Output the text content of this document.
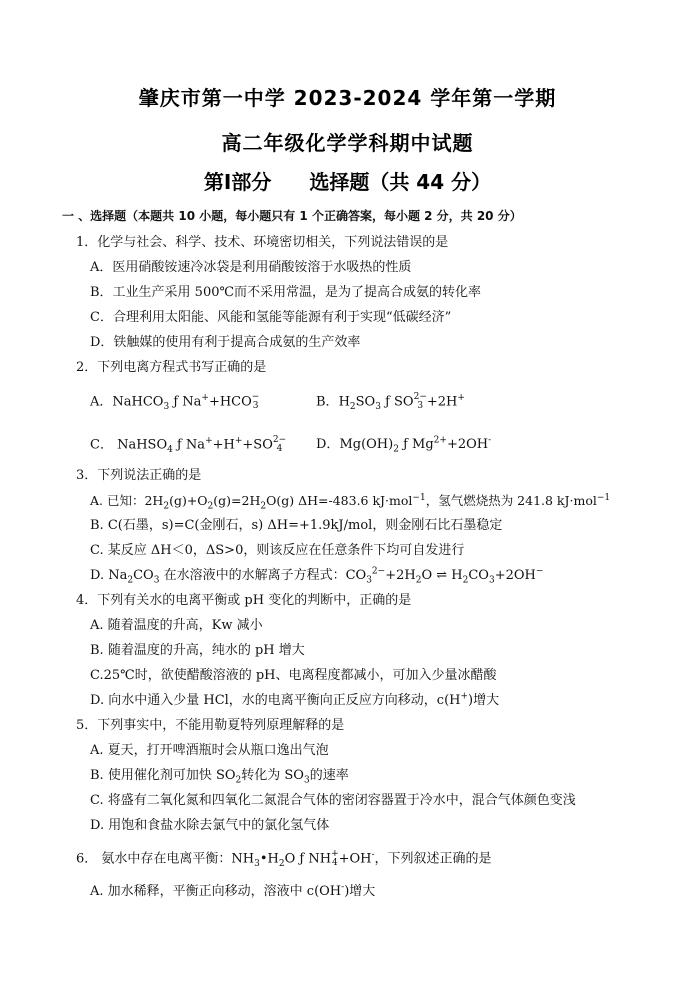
肇庆市第一中学 2023-2024 学年第一学期
高二年级化学学科期中试题
第Ⅰ部分 选择题（共 44 分）
一 、选择题（本题共 10 小题，每小题只有 1 个正确答案，每小题 2 分，共 20 分）
1．化学与社会、科学、技术、环境密切相关，下列说法错误的是
A．医用硝酸铵速冷冰袋是利用硝酸铵溶于水吸热的性质
B．工业生产采用 500℃而不采用常温，是为了提高合成氨的转化率
C．合理利用太阳能、风能和氢能等能源有利于实现“低碳经济”
D．铁触媒的使用有利于提高合成氨的生产效率
2．下列电离方程式书写正确的是
A．NaHCO$_3$ ƒ Na++HCO−
3	B．$H_2SO_3$ ƒ SO2−
3 +2H+
C． NaHSO$_4$ ƒ Na++H++SO2−
4	D．$Mg(OH)_2$ ƒ $Mg^{2+}+2OH^-$
3．下列说法正确的是
A. 已知：$2H_2(g)+O_2(g)=2H_2O(g)$ ΔH=-483.6 kJ·mol$^{-1}$，氢气燃烧热为 241.8 kJ·mol$^{-1}$
B. C(石墨，s)=C(金刚石，s) ΔH=+1.9kJ/mol，则金刚石比石墨稳定
C. 某反应 ΔH＜0，ΔS>0，则该反应在任意条件下均可自发进行
D. $Na_2CO_3$ 在水溶液中的水解离子方程式：$CO_3^{2-}+2H_2O$ ⇌ $H_2CO_3+2OH^-$
4．下列有关水的电离平衡或 pH 变化的判断中，正确的是
A. 随着温度的升高，Kw 减小
B. 随着温度的升高，纯水的 pH 增大
C.25℃时，欲使醋酸溶液的 pH、电离程度都减小，可加入少量冰醋酸
D. 向水中通入少量 HCl，水的电离平衡向正反应方向移动，c(H+)增大
5．下列事实中，不能用勒夏特列原理解释的是
A. 夏天，打开啤酒瓶时会从瓶口逸出气泡
B. 使用催化剂可加快 $SO_2$转化为 $SO_3$的速率
C. 将盛有二氧化氮和四氧化二氮混合气体的密闭容器置于冷水中，混合气体颜色变浅
D. 用饱和食盐水除去氯气中的氯化氢气体
6． 氨水中存在电离平衡：$NH_3•H_2O$ ƒ NH+
4+OH-，下列叙述正确的是
A. 加水稀释，平衡正向移动，溶液中 c(OH-)增大
